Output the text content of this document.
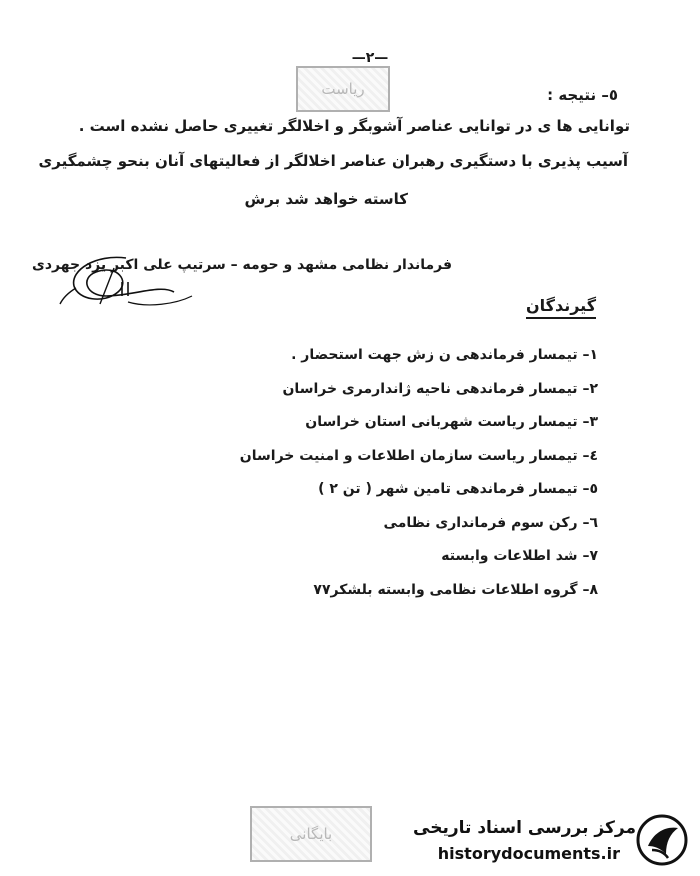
—٢—
ریاست	٥– نتیجه :
توانایی ها ی در توانایی عناصر آشوبگر و اخلالگر تغییری حاصل نشده است .
آسیب پذیری با دستگیری رهبران عناصر اخلالگر از فعالیتهای آنان بنحو چشمگیری
کاسته خواهد شد برش
فرماندار نظامی مشهد و حومه – سرتیپ علی اکبر یزد جهردی
گیرندگان
١– تیمسار فرماندهی ن زش جهت استحضار .
٢– تیمسار فرماندهی ناحیه ژاندارمری خراسان
٣– تیمسار ریاست شهربانی استان خراسان
٤– تیمسار ریاست سازمان اطلاعات و امنیت خراسان
٥– تیمسار فرماندهی تامین شهر ( تن ٢ )
٦– رکن سوم فرمانداری نظامی
٧– شد اطلاعات وابسته
٨– گروه اطلاعات نظامی وابسته بلشکر٧٧
بایگانی	مرکز بررسی اسناد تاریخی
historydocuments.ir
